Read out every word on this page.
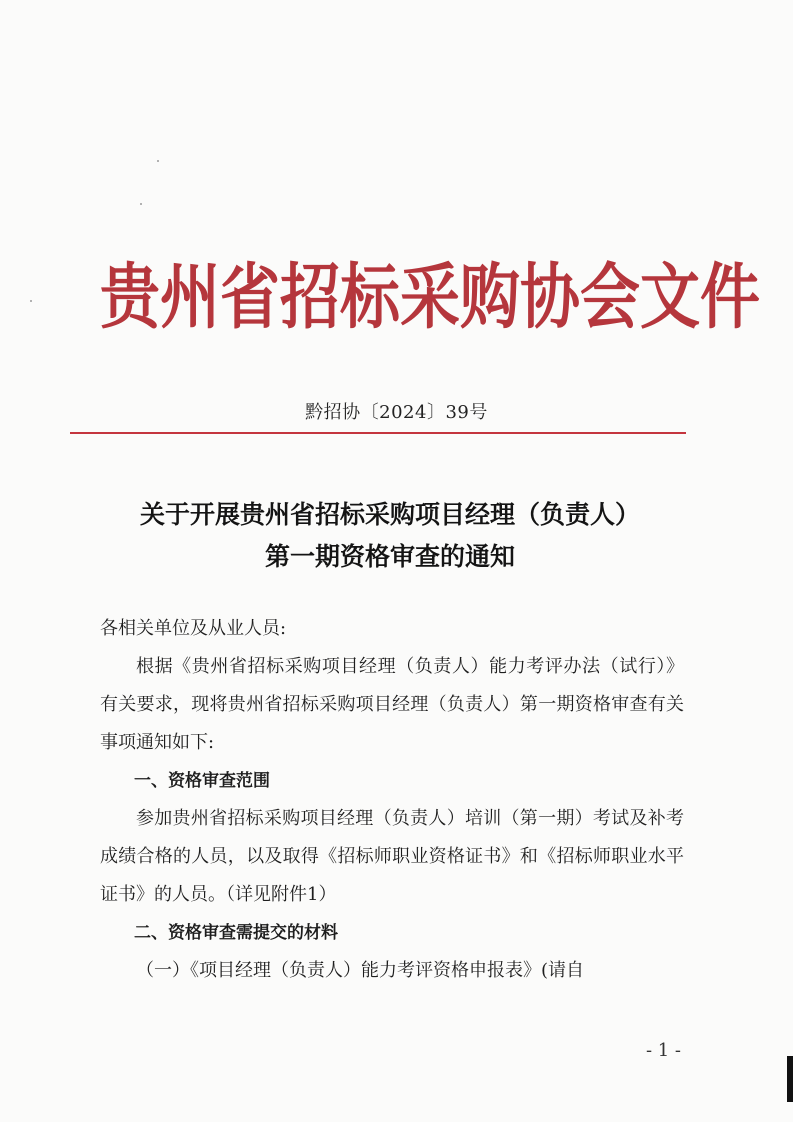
贵州省招标采购协会文件
黔招协〔2024〕39号
关于开展贵州省招标采购项目经理（负责人）
第一期资格审查的通知

各相关单位及从业人员:

根据《贵州省招标采购项目经理（负责人）能力考评办法（试行）》有关要求，现将贵州省招标采购项目经理（负责人）第一期资格审查有关事项通知如下:

一、资格审查范围

参加贵州省招标采购项目经理（负责人）培训（第一期）考试及补考成绩合格的人员，以及取得《招标师职业资格证书》和《招标师职业水平证书》的人员。（详见附件1）

二、资格审查需提交的材料

（一）《项目经理（负责人）能力考评资格申报表》(请自

- 1 -
